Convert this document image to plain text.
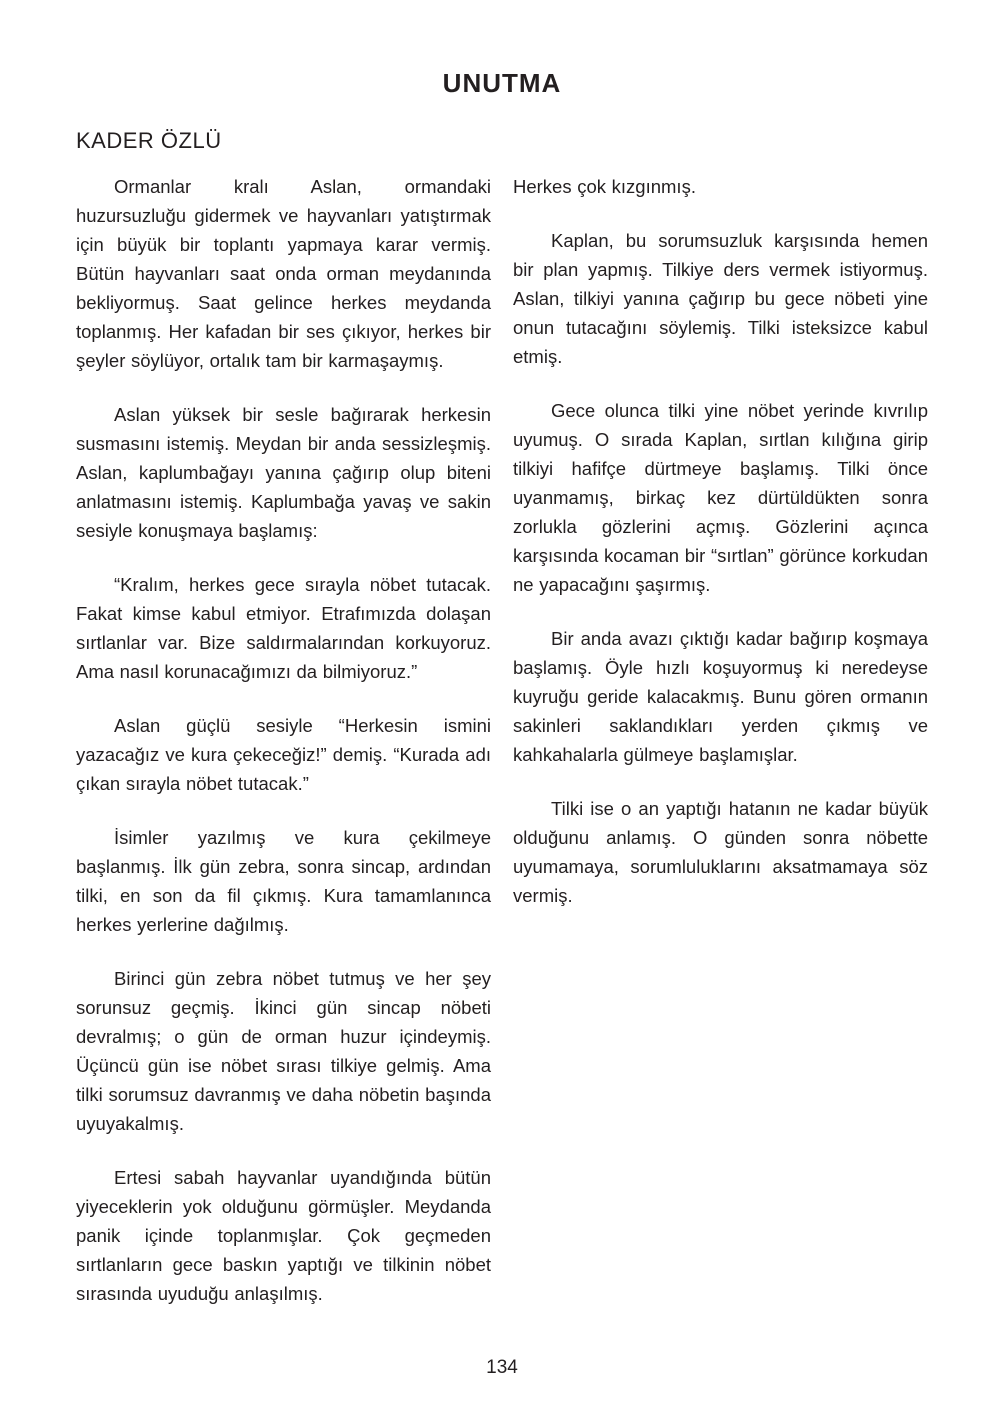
UNUTMA
KADER ÖZLÜ

Ormanlar kralı Aslan, ormandaki huzursuzluğu gidermek ve hayvanları yatıştırmak için büyük bir toplantı yapmaya karar vermiş. Bütün hayvanları saat onda orman meydanında bekliyormuş. Saat gelince herkes meydanda toplanmış. Her kafadan bir ses çıkıyor, herkes bir şeyler söylüyor, ortalık tam bir karmaşaymış.

Aslan yüksek bir sesle bağırarak herkesin susmasını istemiş. Meydan bir anda sessizleşmiş. Aslan, kaplumbağayı yanına çağırıp olup biteni anlatmasını istemiş. Kaplumbağa yavaş ve sakin sesiyle konuşmaya başlamış:

“Kralım, herkes gece sırayla nöbet tutacak. Fakat kimse kabul etmiyor. Etrafımızda dolaşan sırtlanlar var. Bize saldırmalarından korkuyoruz. Ama nasıl korunacağımızı da bilmiyoruz.”

Aslan güçlü sesiyle “Herkesin ismini yazacağız ve kura çekeceğiz!” demiş. “Kurada adı çıkan sırayla nöbet tutacak.”

İsimler yazılmış ve kura çekilmeye başlanmış. İlk gün zebra, sonra sincap, ardından tilki, en son da fil çıkmış. Kura tamamlanınca herkes yerlerine dağılmış.

Birinci gün zebra nöbet tutmuş ve her şey sorunsuz geçmiş. İkinci gün sincap nöbeti devralmış; o gün de orman huzur içindeymiş. Üçüncü gün ise nöbet sırası tilkiye gelmiş. Ama tilki sorumsuz davranmış ve daha nöbetin başında uyuyakalmış.

Ertesi sabah hayvanlar uyandığında bütün yiyeceklerin yok olduğunu görmüşler. Meydanda panik içinde toplanmışlar. Çok geçmeden sırtlanların gece baskın yaptığı ve tilkinin nöbet sırasında uyuduğu anlaşılmış.

Herkes çok kızgınmış.

Kaplan, bu sorumsuzluk karşısında hemen bir plan yapmış. Tilkiye ders vermek istiyormuş. Aslan, tilkiyi yanına çağırıp bu gece nöbeti yine onun tutacağını söylemiş. Tilki isteksizce kabul etmiş.

Gece olunca tilki yine nöbet yerinde kıvrılıp uyumuş. O sırada Kaplan, sırtlan kılığına girip tilkiyi hafifçe dürtmeye başlamış. Tilki önce uyanmamış, birkaç kez dürtüldükten sonra zorlukla gözlerini açmış. Gözlerini açınca karşısında kocaman bir “sırtlan” görünce korkudan ne yapacağını şaşırmış.

Bir anda avazı çıktığı kadar bağırıp koşmaya başlamış. Öyle hızlı koşuyormuş ki neredeyse kuyruğu geride kalacakmış. Bunu gören ormanın sakinleri saklandıkları yerden çıkmış ve kahkahalarla gülmeye başlamışlar.

Tilki ise o an yaptığı hatanın ne kadar büyük olduğunu anlamış. O günden sonra nöbette uyumamaya, sorumluluklarını aksatmamaya söz vermiş.

134
